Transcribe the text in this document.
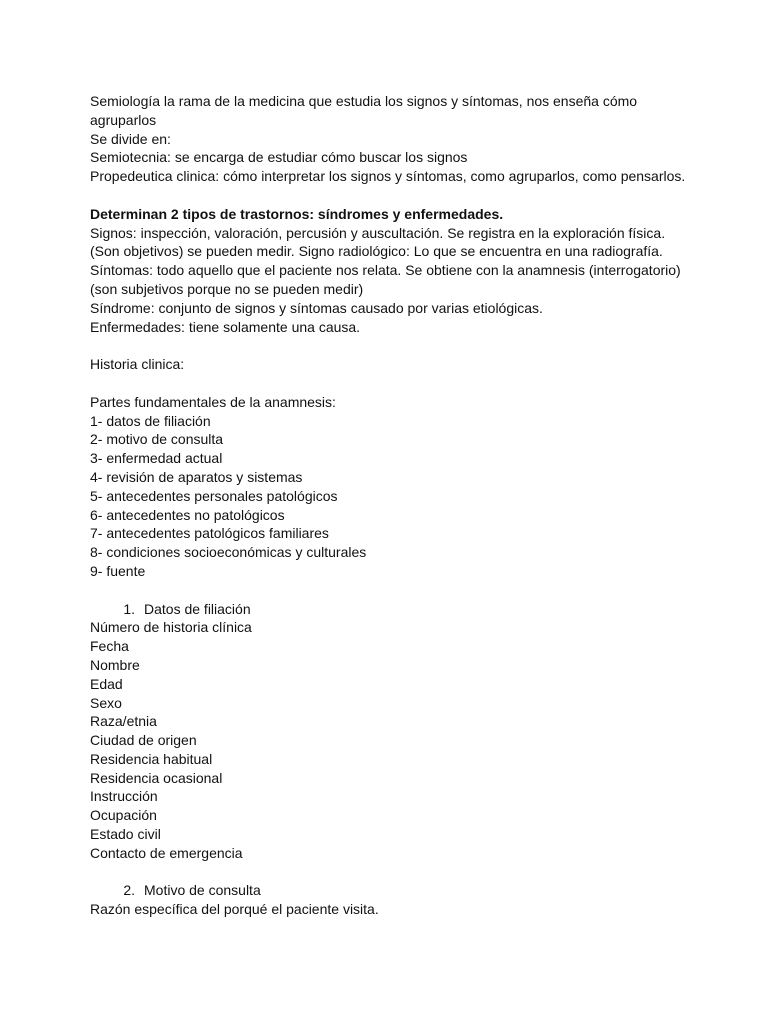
Semiología la rama de la medicina que estudia los signos y síntomas, nos enseña cómo
agruparlos
Se divide en:
Semiotecnia: se encarga de estudiar cómo buscar los signos
Propedeutica clinica: cómo interpretar los signos y síntomas, como agruparlos, como pensarlos.
Determinan 2 tipos de trastornos: síndromes y enfermedades.
Signos: inspección, valoración, percusión y auscultación. Se registra en la exploración física.
(Son objetivos) se pueden medir. Signo radiológico: Lo que se encuentra en una radiografía.
Síntomas: todo aquello que el paciente nos relata. Se obtiene con la anamnesis (interrogatorio)
(son subjetivos porque no se pueden medir)
Síndrome: conjunto de signos y síntomas causado por varias etiológicas.
Enfermedades: tiene solamente una causa.
Historia clinica:
Partes fundamentales de la anamnesis:
1- datos de filiación
2- motivo de consulta
3- enfermedad actual
4- revisión de aparatos y sistemas
5- antecedentes personales patológicos
6- antecedentes no patológicos
7- antecedentes patológicos familiares
8- condiciones socioeconómicas y culturales
9- fuente
1. Datos de filiación
Número de historia clínica
Fecha
Nombre
Edad
Sexo
Raza/etnia
Ciudad de origen
Residencia habitual
Residencia ocasional
Instrucción
Ocupación
Estado civil
Contacto de emergencia
2. Motivo de consulta
Razón específica del porqué el paciente visita.
